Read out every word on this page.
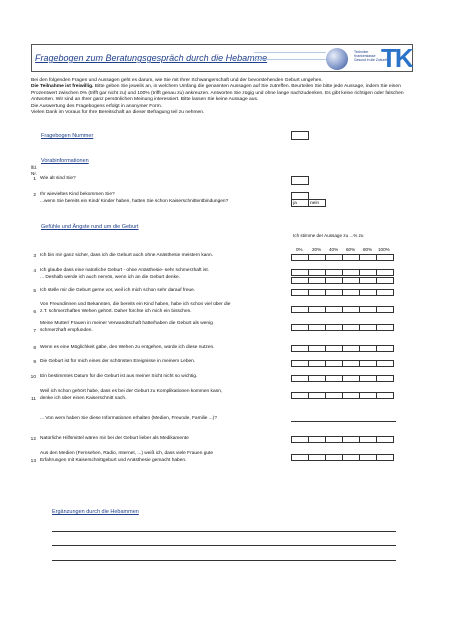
Fragebogen zum Beratungsgespräch durch die Hebamme
Techniker
Krankenkasse
Gesund in die Zukunft
TK

Bei den folgenden Fragen und Aussagen geht es darum, wie Sie mit Ihrer Schwangerschaft und der bevorstehenden Geburt umgehen.

Die Teilnahme ist freiwillig. Bitte geben Sie jeweils an, in welchem Umfang die genannten Aussagen auf Sie zutreffen. Beurteilen Sie bitte jede Aussage, indem Sie einen Prozentwert zwischen 0% (trifft gar nicht zu) und 100% (trifft genau zu) ankreuzen. Antworten Sie zügig und ohne lange nachzudenken. Es gibt keine richtigen oder falschen Antworten. Wir sind an Ihrer ganz persönlichen Meinung interessiert. Bitte lassen Sie keine Aussage aus.

Die Auswertung des Fragebogens erfolgt in anonymer Form.

Vielen Dank im Voraus für Ihre Bereitschaft an dieser Befragung teil zu nehmen.

Fragebogen Nummer
Vorabinformationen
lfd.
Nr.
1 Wie alt sind Sie?
2 Ihr wievieltes Kind bekommen Sie?
...wenn Sie bereits ein Kind/ Kinder haben, hatten Sie schon Kaiserschnittentbindungen?	ja	nein
Gefühle und Ängste rund um die Geburt
Ich stimme der Aussage zu ...% zu
0% 20% 40% 60% 80% 100%
3 Ich bin mir ganz sicher, dass ich die Geburt auch ohne Anästhesie meistern kann.
4 Ich glaube dass eine natürliche Geburt - ohne Anästhesie- sehr schmerzhaft ist.
... Deshalb werde ich auch nervös, wenn ich an die Geburt denke.
5 Ich stelle mir die Geburt gerne vor, weil ich mich schon sehr darauf freue.
Von Freundinnen und Bekannten, die bereits ein Kind haben, habe ich schon viel über die
6 z.T. schmerzhaften Wehen gehört. Daher fürchte ich mich ein bisschen.
Meine Mutter/ Frauen in meiner Verwandtschaft hatte/haben die Geburt als wenig
7 schmerzhaft empfunden.
8 Wenn es eine Möglichkeit gäbe, den Wehen zu entgehen, würde ich diese nutzen.
9 Die Geburt ist für mich eines der schönsten Ereignisse in meinem Leben.
10 Ein bestimmtes Datum für die Geburt ist aus meiner Sicht nicht so wichtig.
Weil ich schon gehört habe, dass es bei der Geburt zu Komplikationen kommen kann,
11 denke ich über einen Kaiserschnitt nach.
... Von wem haben Sie diese Informationen erhalten (Medien, Freunde, Familie ...)?
12 Natürliche Hilfsmittel wären mir bei der Geburt lieber als Medikamente
Aus den Medien (Fernsehen, Radio, Internet, ...) weiß ich, dass viele Frauen gute
13 Erfahrungen mit Kaiserschnittgeburt und Anästhesie gemacht haben.
Ergänzungen durch die Hebammen
